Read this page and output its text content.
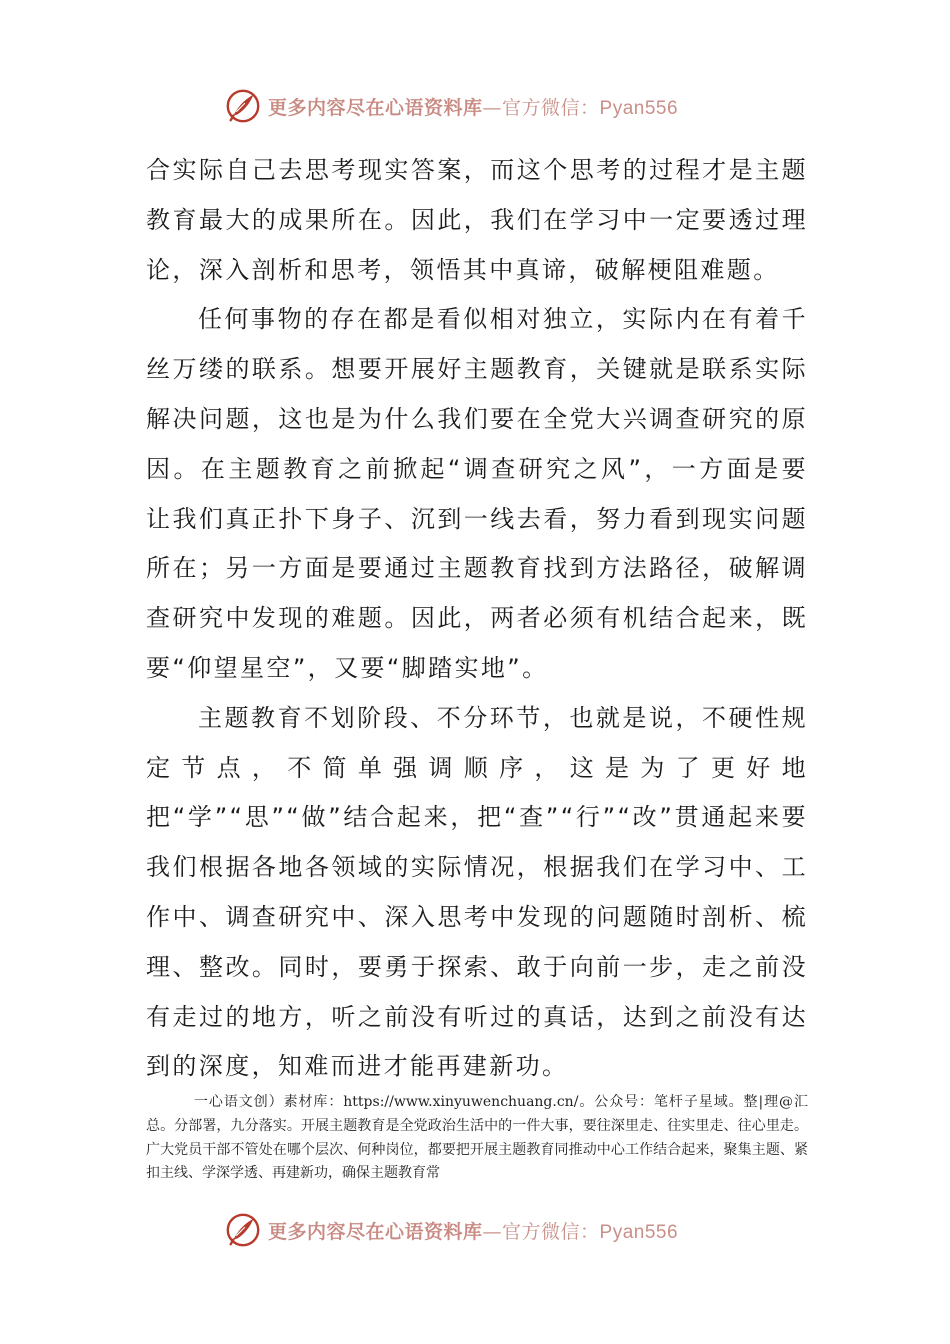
更多内容尽在心语资料库—官方微信：Pyan556

合实际自己去思考现实答案，而这个思考的过程才是主题教育最大的成果所在。因此，我们在学习中一定要透过理论，深入剖析和思考，领悟其中真谛，破解梗阻难题。

任何事物的存在都是看似相对独立，实际内在有着千丝万缕的联系。想要开展好主题教育，关键就是联系实际解决问题，这也是为什么我们要在全党大兴调查研究的原因。在主题教育之前掀起“调查研究之风”，一方面是要让我们真正扑下身子、沉到一线去看，努力看到现实问题所在；另一方面是要通过主题教育找到方法路径，破解调查研究中发现的难题。因此，两者必须有机结合起来，既要“仰望星空”，又要“脚踏实地”。

主题教育不划阶段、不分环节，也就是说，不硬性规定节点，不简单强调顺序，这是为了更好地把“学”“思”“做”结合起来，把“查”“行”“改”贯通起来要我们根据各地各领域的实际情况，根据我们在学习中、工作中、调查研究中、深入思考中发现的问题随时剖析、梳理、整改。同时，要勇于探索、敢于向前一步，走之前没有走过的地方，听之前没有听过的真话，达到之前没有达到的深度，知难而进才能再建新功。

一心语文创）素材库：https://www.xinyuwenchuang.cn/。公众号：笔杆子星域。整|理@汇总。分部署，九分落实。开展主题教育是全党政治生活中的一件大事，要往深里走、往实里走、往心里走。广大党员干部不管处在哪个层次、何种岗位，都要把开展主题教育同推动中心工作结合起来，聚集主题、紧扣主线、学深学透、再建新功，确保主题教育常

更多内容尽在心语资料库—官方微信：Pyan556
